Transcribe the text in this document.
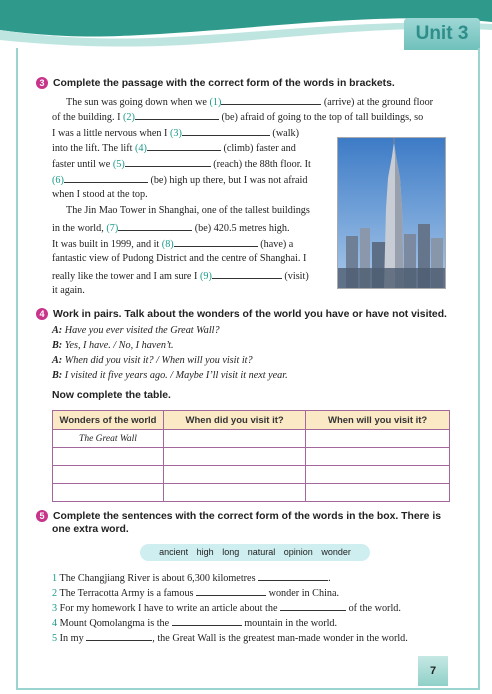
Unit 3
3 Complete the passage with the correct form of the words in brackets.
The sun was going down when we (1)	(arrive) at the ground floor
of the building. I (2)	(be) afraid of going to the top of tall buildings, so
I was a little nervous when I (3)	(walk)
into the lift. The lift (4)	(climb) faster and
faster until we (5)	(reach) the 88th floor. It
(6)	(be) high up there, but I was not afraid
when I stood at the top.
The Jin Mao Tower in Shanghai, one of the tallest buildings
in the world, (7)	(be) 420.5 metres high.
It was built in 1999, and it (8)	(have) a
fantastic view of Pudong District and the centre of Shanghai. I
really like the tower and I am sure I (9)	(visit)
it again.
4 Work in pairs. Talk about the wonders of the world you have or have not visited.
A: Have you ever visited the Great Wall?
B: Yes, I have. / No, I haven’t.
A: When did you visit it? / When will you visit it?
B: I visited it five years ago. / Maybe I’ll visit it next year.
Now complete the table.
Wonders of the world	When did you visit it?	When will you visit it?
The Great Wall		

5 Complete the sentences with the correct form of the words in the box. There is
one extra word.
ancient high long natural opinion wonder
1 The Changjiang River is about 6,300 kilometres	.
2 The Terracotta Army is a famous	wonder in China.
3 For my homework I have to write an article about the	of the world.
4 Mount Qomolangma is the	mountain in the world.
5 In my	, the Great Wall is the greatest man-made wonder in the world.
7
